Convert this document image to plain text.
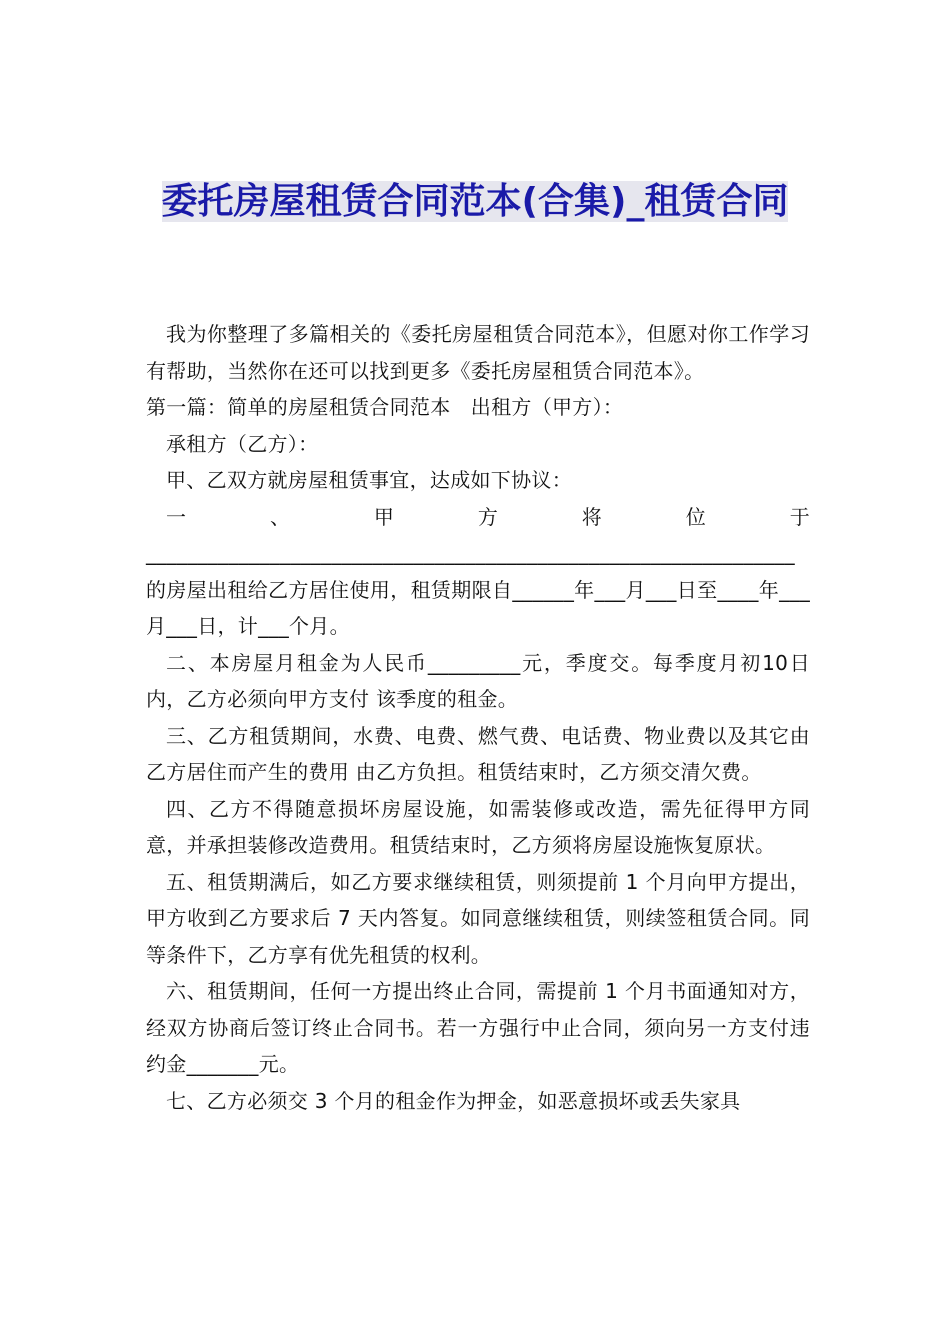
委托房屋租赁合同范本(合集)_租赁合同

我为你整理了多篇相关的《委托房屋租赁合同范本》，但愿对你工作学习有帮助，当然你在还可以找到更多《委托房屋租赁合同范本》。

第一篇：简单的房屋租赁合同范本　出租方（甲方）：

承租方（乙方）：

甲、乙双方就房屋租赁事宜，达成如下协议：

一、甲方将位于_______________________________________________________________的房屋出租给乙方居住使用，租赁期限自______年___月___日至____年___月___日，计___个月。

二、本房屋月租金为人民币_________元，季度交。每季度月初10日内，乙方必须向甲方支付 该季度的租金。

三、乙方租赁期间，水费、电费、燃气费、电话费、物业费以及其它由乙方居住而产生的费用 由乙方负担。租赁结束时，乙方须交清欠费。

四、乙方不得随意损坏房屋设施，如需装修或改造，需先征得甲方同意，并承担装修改造费用。租赁结束时，乙方须将房屋设施恢复原状。

五、租赁期满后，如乙方要求继续租赁，则须提前 1 个月向甲方提出，甲方收到乙方要求后 7 天内答复。如同意继续租赁，则续签租赁合同。同等条件下，乙方享有优先租赁的权利。

六、租赁期间，任何一方提出终止合同，需提前 1 个月书面通知对方，经双方协商后签订终止合同书。若一方强行中止合同，须向另一方支付违约金_______元。

七、乙方必须交 3 个月的租金作为押金，如恶意损坏或丢失家具
